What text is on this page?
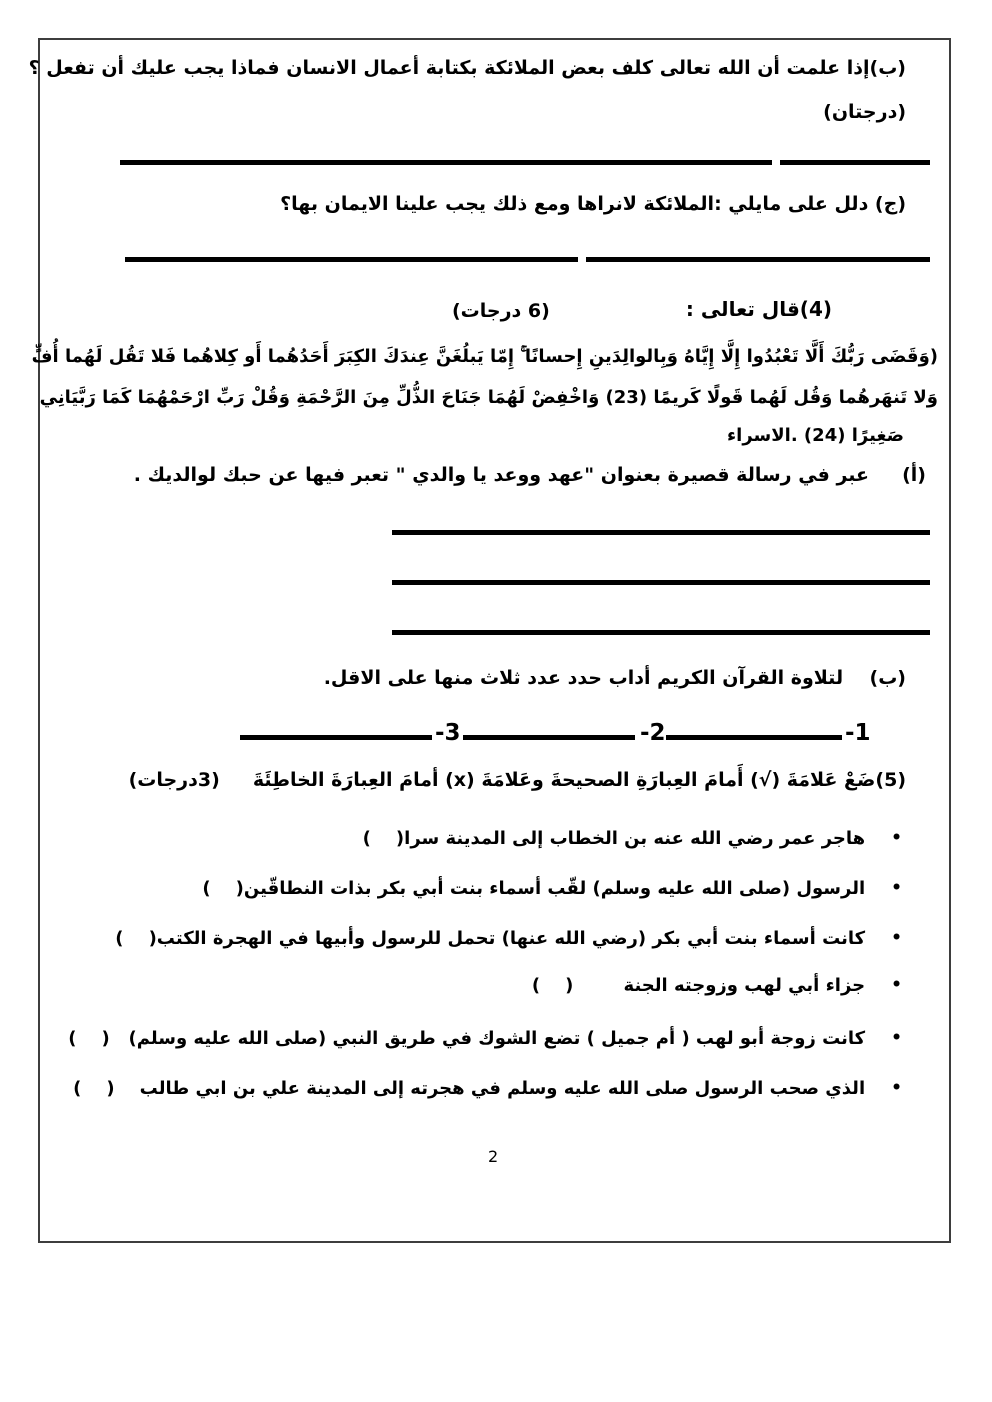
(ب)إذا علمت أن الله تعالى كلف بعض الملائكة بكتابة أعمال الانسان فماذا يجب عليك أن تفعل ؟
(درجتان)
(ج) دلل على مايلي :الملائكة لانراها ومع ذلك يجب علينا الايمان بها؟
(4)قال تعالى :
(6 درجات)
(وَقَضَى رَبُّكَ أَلَّا تَعْبُدُوا إِلَّا إِيَّاهُ وَبِالوالِدَينِ إِحسانًا ۚ إِمّا يَبلُغَنَّ عِندَكَ الكِبَرَ أَحَدُهُما أَو كِلاهُما فَلا تَقُل لَهُما أُفٍّ
وَلا تَنهَرهُما وَقُل لَهُما قَولًا كَريمًا (23) وَاخْفِضْ لَهُمَا جَنَاحَ الذُّلِّ مِنَ الرَّحْمَةِ وَقُلْ رَبِّ ارْحَمْهُمَا كَمَا رَبَّيَانِي
صَغِيرًا (24) .الاسراء
(أ)     عبر في رسالة قصيرة بعنوان "عهد ووعد يا والدي " تعبر فيها عن حبك لوالديك .
(ب)    لتلاوة القرآن الكريم أداب حدد عدد ثلاث منها على الاقل.
-1
-2
-3
(5)ضَعْ عَلامَةَ (√) أَمامَ العِبارَةِ الصحيحةَ وعَلامَةَ (x) أمامَ العِبارَةَ الخاطِئَةَ     (3درجات)
•
هاجر عمر رضي الله عنه بن الخطاب إلى المدينة سرا(    )
•
الرسول (صلى الله عليه وسلم) لقّب أسماء بنت أبي بكر بذات النطاقّين(    )
•
كانت أسماء بنت أبي بكر (رضي الله عنها) تحمل للرسول وأبيها في الهجرة الكتب(    )
•
جزاء أبي لهب وزوجته الجنة        (    )
•
كانت زوجة أبو لهب ( أم جميل ) تضع الشوك في طريق النبي (صلى الله عليه وسلم)   (    )
•
الذي صحب الرسول صلى الله عليه وسلم في هجرته إلى المدينة علي بن ابي طالب    (    )
2
